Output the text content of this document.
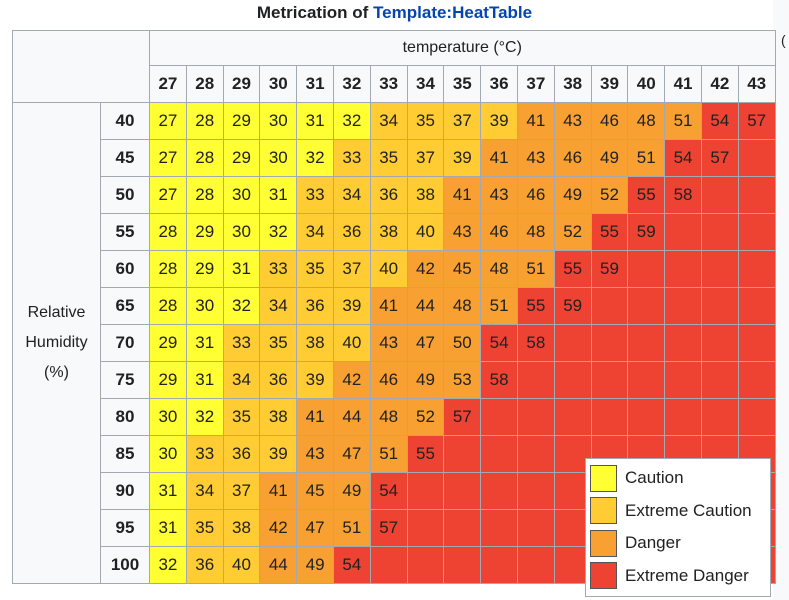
Metrication of Template:HeatTable
(
		temperature (°C)																
		27	28	29	30	31	32	33	34	35	36	37	38	39	40	41	42	43

Relative
Humidity
(%)	40	27	28	29	30	31	32	34	35	37	39	41	43	46	48	51	54	57
	45	27	28	29	30	32	33	35	37	39	41	43	46	49	51	54	57	
	50	27	28	30	31	33	34	36	38	41	43	46	49	52	55	58		
	55	28	29	30	32	34	36	38	40	43	46	48	52	55	59			
	60	28	29	31	33	35	37	40	42	45	48	51	55	59				
	65	28	30	32	34	36	39	41	44	48	51	55	59					
	70	29	31	33	35	38	40	43	47	50	54	58						
	75	29	31	34	36	39	42	46	49	53	58							
	80	30	32	35	38	41	44	48	52	57								
	85	30	33	36	39	43	47	51	55									
	90	31	34	37	41	45	49	54										
	95	31	35	38	42	47	51	57										
	100	32	36	40	44	49	54											
Caution
Extreme Caution
Danger
Extreme Danger
